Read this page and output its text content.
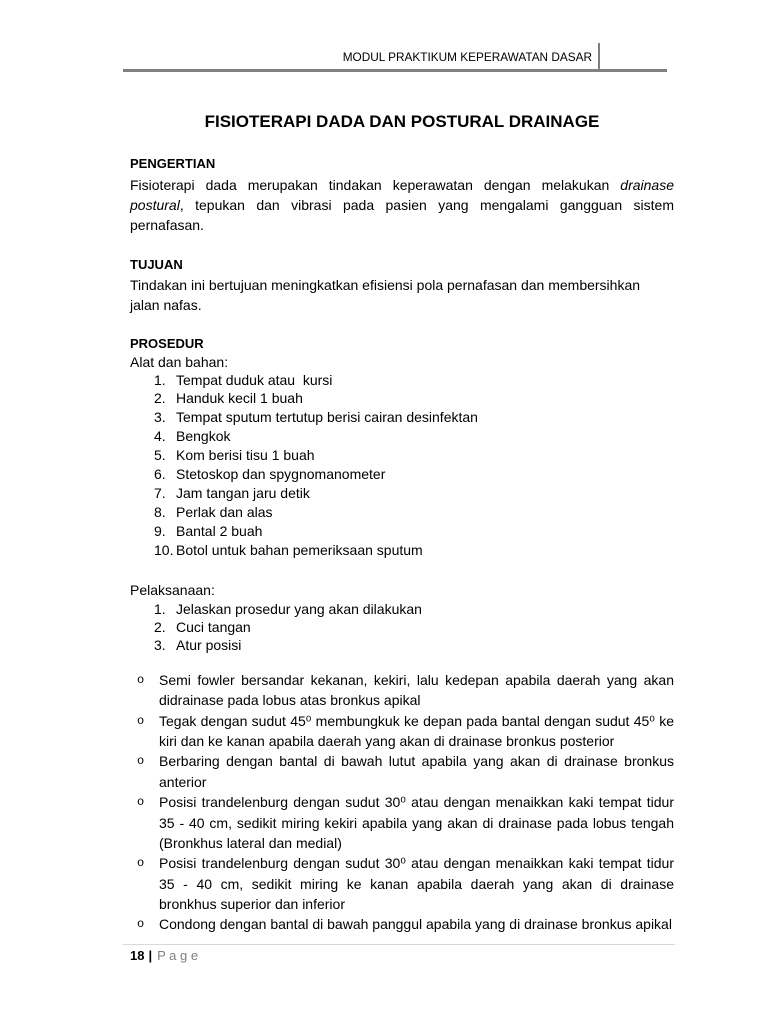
MODUL PRAKTIKUM KEPERAWATAN DASAR
FISIOTERAPI DADA DAN POSTURAL DRAINAGE
PENGERTIAN
Fisioterapi dada merupakan tindakan keperawatan dengan melakukan drainase
postural, tepukan dan vibrasi pada pasien yang mengalami gangguan sistem
pernafasan.
TUJUAN
Tindakan ini bertujuan meningkatkan efisiensi pola pernafasan dan membersihkan
jalan nafas.
PROSEDUR
Alat dan bahan:
1. Tempat duduk atau  kursi
2. Handuk kecil 1 buah
3. Tempat sputum tertutup berisi cairan desinfektan
4. Bengkok
5. Kom berisi tisu 1 buah
6. Stetoskop dan spygnomanometer
7. Jam tangan jaru detik
8. Perlak dan alas
9. Bantal 2 buah
10. Botol untuk bahan pemeriksaan sputum
Pelaksanaan:
1. Jelaskan prosedur yang akan dilakukan
2. Cuci tangan
3. Atur posisi
o Semi fowler bersandar kekanan, kekiri, lalu kedepan apabila daerah yang akan
didrainase pada lobus atas bronkus apikal
o Tegak dengan sudut 45⁰ membungkuk ke depan pada bantal dengan sudut 45⁰ ke
kiri dan ke kanan apabila daerah yang akan di drainase bronkus posterior
o Berbaring dengan bantal di bawah lutut apabila yang akan di drainase bronkus
anterior
o Posisi trandelenburg dengan sudut 30⁰ atau dengan menaikkan kaki tempat tidur
35 - 40 cm, sedikit miring kekiri apabila yang akan di drainase pada lobus tengah
(Bronkhus lateral dan medial)
o Posisi trandelenburg dengan sudut 30⁰ atau dengan menaikkan kaki tempat tidur
35 - 40 cm, sedikit miring ke kanan apabila daerah yang akan di drainase
bronkhus superior dan inferior
o Condong dengan bantal di bawah panggul apabila yang di drainase bronkus apikal
18 | P a g e
